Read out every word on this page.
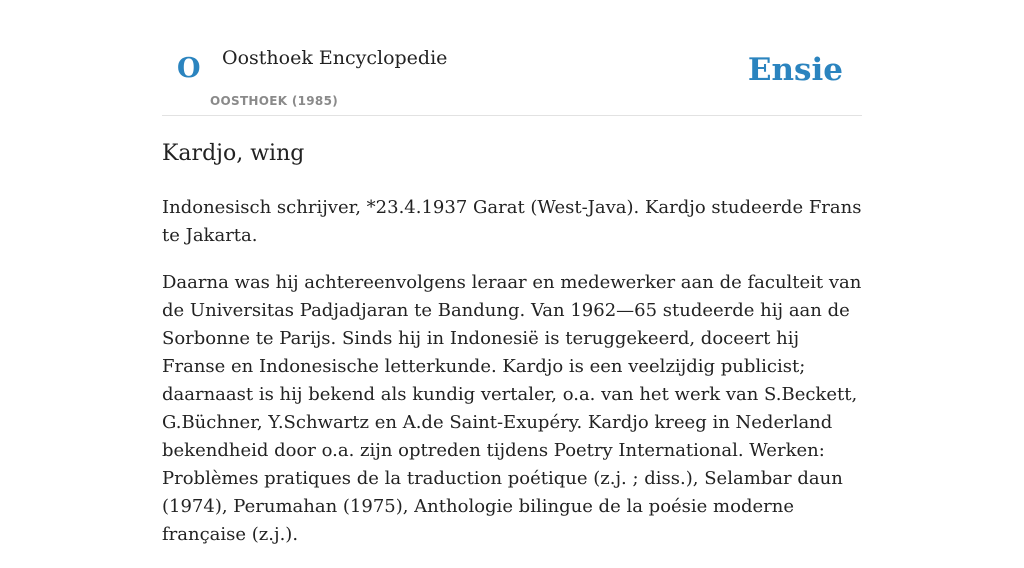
O Oosthoek Encyclopedie
OOSTHOEK (1985)
Ensie
Kardjo, wing

Indonesisch schrijver, *23.4.1937 Garat (West-Java). Kardjo studeerde Frans te Jakarta.

Daarna was hij achtereenvolgens leraar en medewerker aan de faculteit van de Universitas Padjadjaran te Bandung. Van 1962—65 studeerde hij aan de Sorbonne te Parijs. Sinds hij in Indonesië is teruggekeerd, doceert hij Franse en Indonesische letterkunde. Kardjo is een veelzijdig publicist; daarnaast is hij bekend als kundig vertaler, o.a. van het werk van S.Beckett, G.Büchner, Y.Schwartz en A.de Saint-Exupéry. Kardjo kreeg in Nederland bekendheid door o.a. zijn optreden tijdens Poetry International. Werken: Problèmes pratiques de la traduction poétique (z.j. ; diss.), Selambar daun (1974), Perumahan (1975), Anthologie bilingue de la poésie moderne française (z.j.).
